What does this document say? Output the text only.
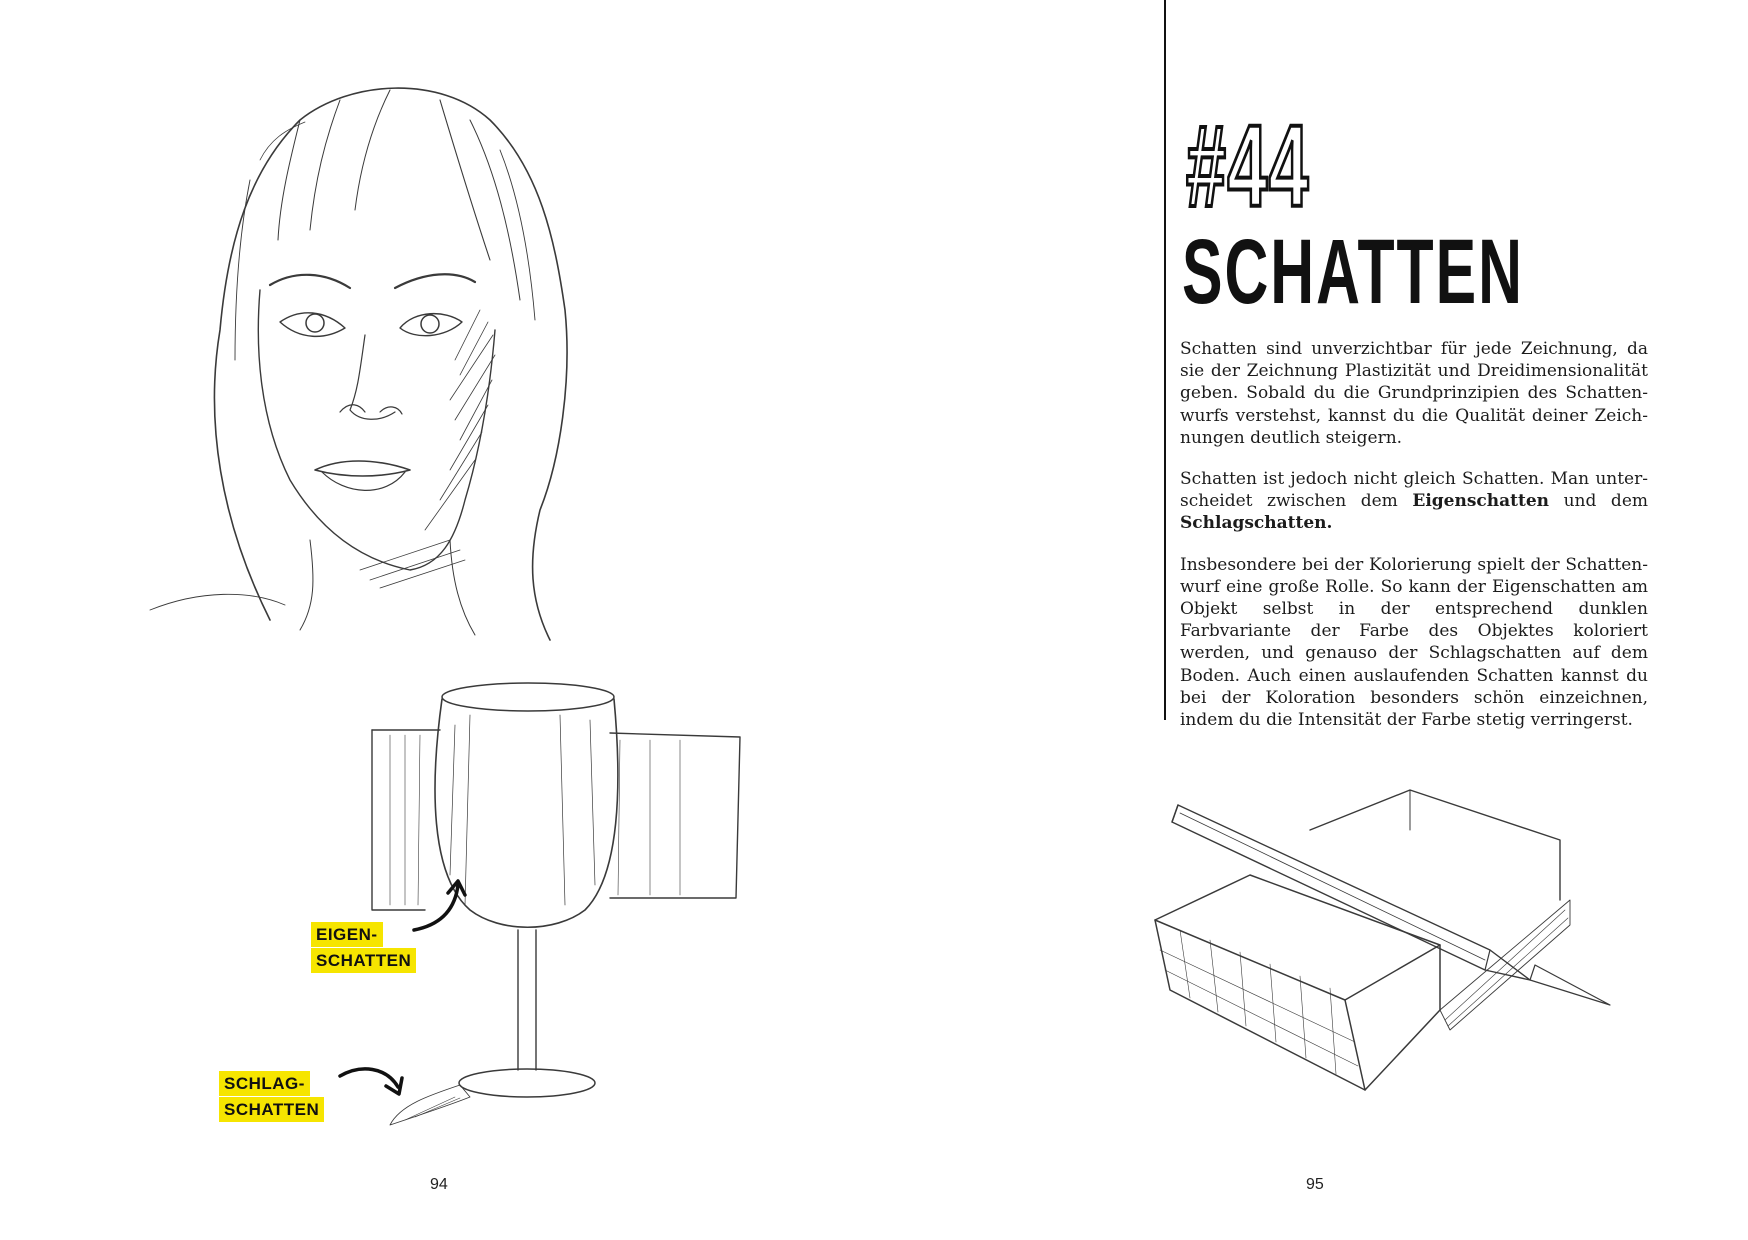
EIGEN-
SCHATTEN
SCHLAG-
SCHATTEN
94
#44
SCHATTEN

Schatten sind unverzichtbar für jede Zeichnung, da sie der Zeichnung Plastizität und Dreidimensionalität geben. Sobald du die Grundprinzipien des Schattenwurfs verstehst, kannst du die Qualität deiner Zeichnungen deutlich steigern.

Schatten ist jedoch nicht gleich Schatten. Man unterscheidet zwischen dem Eigenschatten und dem Schlagschatten.

Insbesondere bei der Kolorierung spielt der Schattenwurf eine große Rolle. So kann der Eigenschatten am Objekt selbst in der entsprechend dunklen Farbvariante der Farbe des Objektes koloriert werden, und genauso der Schlagschatten auf dem Boden. Auch einen auslaufenden Schatten kannst du bei der Koloration besonders schön einzeichnen, indem du die Intensität der Farbe stetig verringerst.

95
